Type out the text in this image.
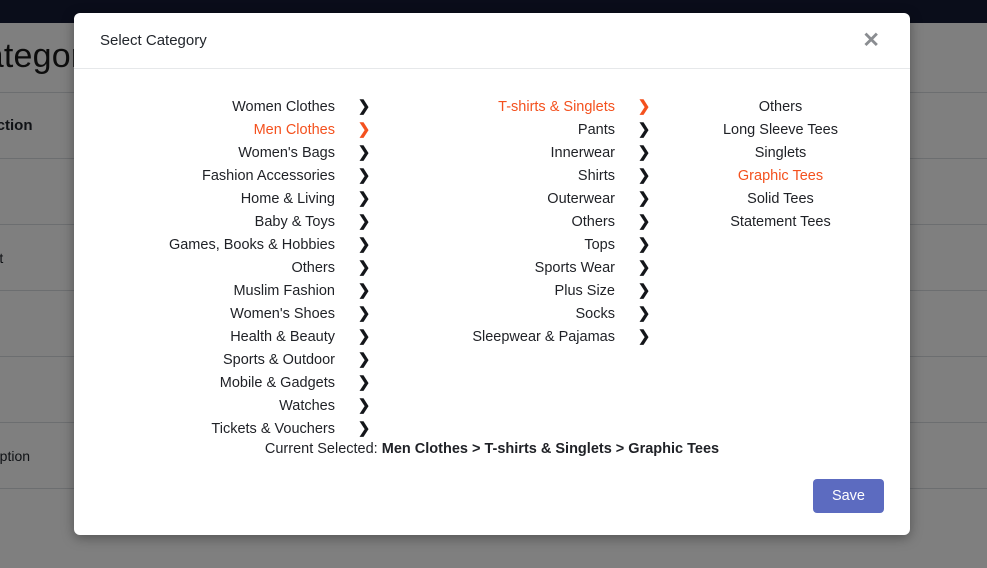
Select Category	✕
Women Clothes	❯
Men Clothes	❯
Women's Bags	❯
Fashion Accessories	❯
Home & Living	❯
Baby & Toys	❯
Games, Books & Hobbies	❯
Others	❯
Muslim Fashion	❯
Women's Shoes	❯
Health & Beauty	❯
Sports & Outdoor	❯
Mobile & Gadgets	❯
Watches	❯
Tickets & Vouchers	❯
T-shirts & Singlets	❯
Pants	❯
Innerwear	❯
Shirts	❯
Outerwear	❯
Others	❯
Tops	❯
Sports Wear	❯
Plus Size	❯
Socks	❯
Sleepwear & Pajamas	❯
Others
Long Sleeve Tees
Singlets
Graphic Tees
Solid Tees
Statement Tees
Current Selected: Men Clothes > T-shirts & Singlets > Graphic Tees
Save
